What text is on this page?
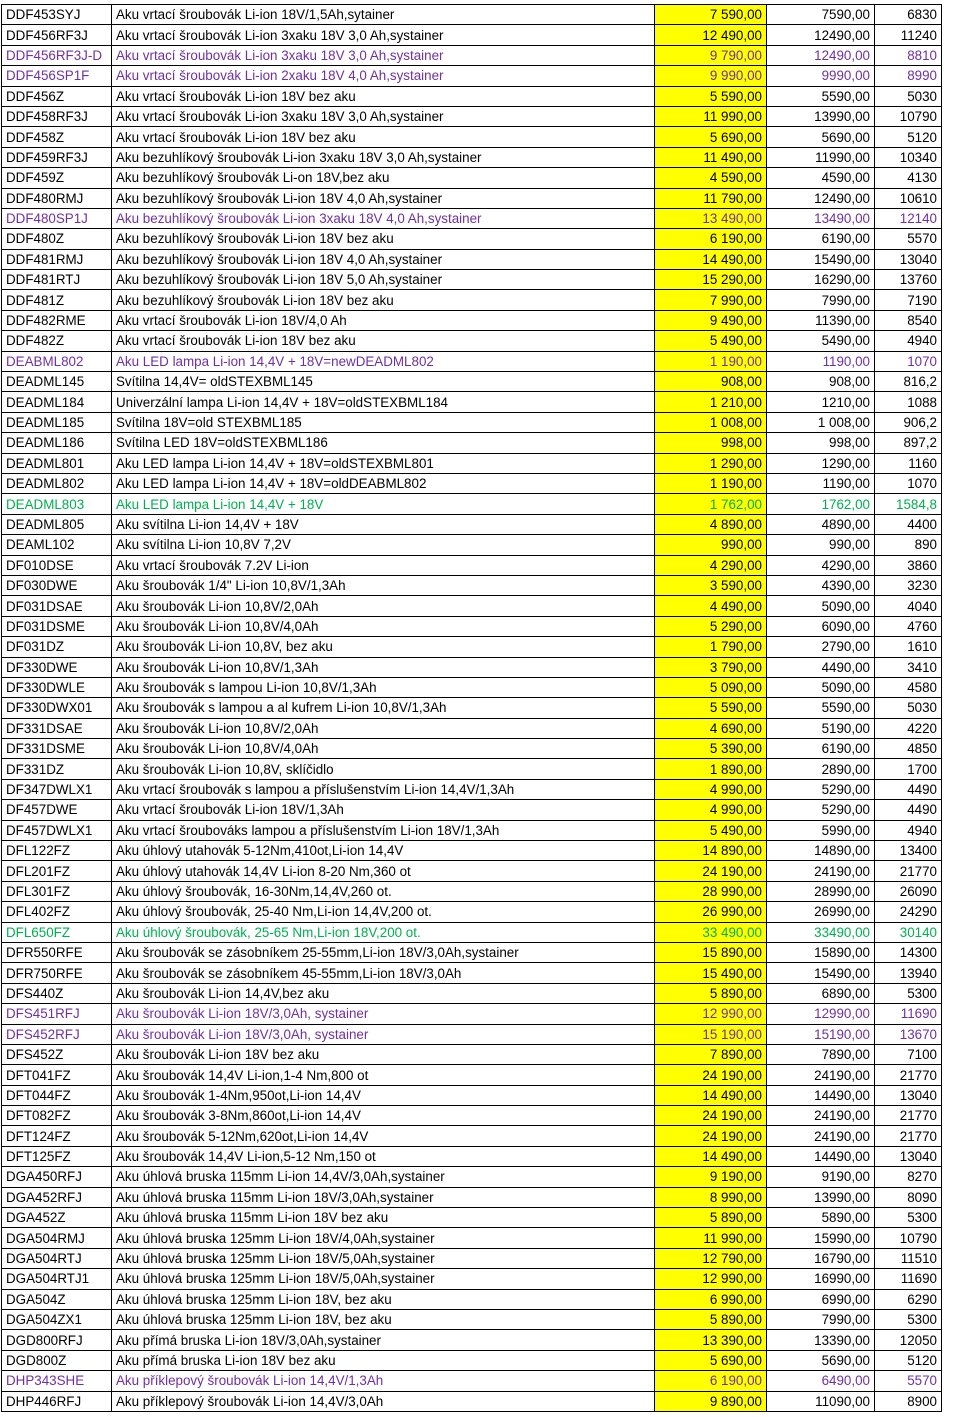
DDF453SYJ	Aku vrtací šroubovák Li-ion 18V/1,5Ah,sytainer	7 590,00	7590,00	6830
DDF456RF3J	Aku vrtací šroubovák Li-ion 3xaku 18V 3,0 Ah,systainer	12 490,00	12490,00	11240
DDF456RF3J-D	Aku vrtací šroubovák Li-ion 3xaku 18V 3,0 Ah,systainer	9 790,00	12490,00	8810
DDF456SP1F	Aku vrtací šroubovák Li-ion 2xaku 18V 4,0 Ah,systainer	9 990,00	9990,00	8990
DDF456Z	Aku vrtací šroubovák Li-ion 18V bez aku	5 590,00	5590,00	5030
DDF458RF3J	Aku vrtací šroubovák Li-ion 3xaku 18V 3,0 Ah,systainer	11 990,00	13990,00	10790
DDF458Z	Aku vrtací šroubovák Li-ion 18V bez aku	5 690,00	5690,00	5120
DDF459RF3J	Aku bezuhlíkový šroubovák Li-ion 3xaku 18V 3,0 Ah,systainer	11 490,00	11990,00	10340
DDF459Z	Aku bezuhlíkový šroubovák Li-on 18V,bez aku	4 590,00	4590,00	4130
DDF480RMJ	Aku bezuhlíkový šroubovák Li-ion 18V 4,0 Ah,systainer	11 790,00	12490,00	10610
DDF480SP1J	Aku bezuhlíkový šroubovák Li-ion 3xaku 18V 4,0 Ah,systainer	13 490,00	13490,00	12140
DDF480Z	Aku bezuhlíkový šroubovák Li-ion 18V bez aku	6 190,00	6190,00	5570
DDF481RMJ	Aku bezuhlíkový šroubovák Li-ion 18V 4,0 Ah,systainer	14 490,00	15490,00	13040
DDF481RTJ	Aku bezuhlíkový šroubovák Li-ion 18V 5,0 Ah,systainer	15 290,00	16290,00	13760
DDF481Z	Aku bezuhlíkový šroubovák Li-ion 18V bez aku	7 990,00	7990,00	7190
DDF482RME	Aku vrtací šroubovák Li-ion 18V/4,0 Ah	9 490,00	11390,00	8540
DDF482Z	Aku vrtací šroubovák Li-ion 18V bez aku	5 490,00	5490,00	4940
DEABML802	Aku LED lampa Li-ion 14,4V + 18V=newDEADML802	1 190,00	1190,00	1070
DEADML145	Svítilna 14,4V= oldSTEXBML145	908,00	908,00	816,2
DEADML184	Univerzální lampa Li-ion 14,4V + 18V=oldSTEXBML184	1 210,00	1210,00	1088
DEADML185	Svítilna 18V=old STEXBML185	1 008,00	1 008,00	906,2
DEADML186	Svítilna LED 18V=oldSTEXBML186	998,00	998,00	897,2
DEADML801	Aku LED lampa Li-ion 14,4V + 18V=oldSTEXBML801	1 290,00	1290,00	1160
DEADML802	Aku LED lampa Li-ion 14,4V + 18V=oldDEABML802	1 190,00	1190,00	1070
DEADML803	Aku LED lampa Li-ion 14,4V + 18V	1 762,00	1762,00	1584,8
DEADML805	Aku svítilna Li-ion 14,4V + 18V	4 890,00	4890,00	4400
DEAML102	Aku svítilna Li-ion 10,8V 7,2V	990,00	990,00	890
DF010DSE	Aku vrtací šroubovák 7.2V Li-ion	4 290,00	4290,00	3860
DF030DWE	Aku šroubovák 1/4" Li-ion 10,8V/1,3Ah	3 590,00	4390,00	3230
DF031DSAE	Aku šroubovák Li-ion 10,8V/2,0Ah	4 490,00	5090,00	4040
DF031DSME	Aku šroubovák Li-ion 10,8V/4,0Ah	5 290,00	6090,00	4760
DF031DZ	Aku šroubovák Li-ion 10,8V, bez aku	1 790,00	2790,00	1610
DF330DWE	Aku šroubovák Li-ion 10,8V/1,3Ah	3 790,00	4490,00	3410
DF330DWLE	Aku šroubovák s lampou Li-ion 10,8V/1,3Ah	5 090,00	5090,00	4580
DF330DWX01	Aku šroubovák s lampou a al kufrem Li-ion 10,8V/1,3Ah	5 590,00	5590,00	5030
DF331DSAE	Aku šroubovák Li-ion 10,8V/2,0Ah	4 690,00	5190,00	4220
DF331DSME	Aku šroubovák Li-ion 10,8V/4,0Ah	5 390,00	6190,00	4850
DF331DZ	Aku šroubovák Li-ion 10,8V, sklíčidlo	1 890,00	2890,00	1700
DF347DWLX1	Aku vrtací šroubovák s lampou a příslušenstvím Li-ion 14,4V/1,3Ah	4 990,00	5290,00	4490
DF457DWE	Aku vrtací šroubovák Li-ion 18V/1,3Ah	4 990,00	5290,00	4490
DF457DWLX1	Aku vrtací šroubováks lampou a příslušenstvím Li-ion 18V/1,3Ah	5 490,00	5990,00	4940
DFL122FZ	Aku úhlový utahovák 5-12Nm,410ot,Li-ion 14,4V	14 890,00	14890,00	13400
DFL201FZ	Aku úhlový utahovák 14,4V Li-ion 8-20 Nm,360 ot	24 190,00	24190,00	21770
DFL301FZ	Aku úhlový šroubovák, 16-30Nm,14,4V,260 ot.	28 990,00	28990,00	26090
DFL402FZ	Aku úhlový šroubovák, 25-40 Nm,Li-ion 14,4V,200 ot.	26 990,00	26990,00	24290
DFL650FZ	Aku úhlový šroubovák, 25-65 Nm,Li-ion 18V,200 ot.	33 490,00	33490,00	30140
DFR550RFE	Aku šroubovák se zásobníkem 25-55mm,Li-ion 18V/3,0Ah,systainer	15 890,00	15890,00	14300
DFR750RFE	Aku šroubovák se zásobníkem 45-55mm,Li-ion 18V/3,0Ah	15 490,00	15490,00	13940
DFS440Z	Aku šroubovák Li-ion 14,4V,bez aku	5 890,00	6890,00	5300
DFS451RFJ	Aku šroubovák Li-ion 18V/3,0Ah, systainer	12 990,00	12990,00	11690
DFS452RFJ	Aku šroubovák Li-ion 18V/3,0Ah, systainer	15 190,00	15190,00	13670
DFS452Z	Aku šroubovák Li-ion 18V bez aku	7 890,00	7890,00	7100
DFT041FZ	Aku šroubovák 14,4V Li-ion,1-4 Nm,800 ot	24 190,00	24190,00	21770
DFT044FZ	Aku šroubovák 1-4Nm,950ot,Li-ion 14,4V	14 490,00	14490,00	13040
DFT082FZ	Aku šroubovák 3-8Nm,860ot,Li-ion 14,4V	24 190,00	24190,00	21770
DFT124FZ	Aku šroubovák 5-12Nm,620ot,Li-ion 14,4V	24 190,00	24190,00	21770
DFT125FZ	Aku šroubovák 14,4V Li-ion,5-12 Nm,150 ot	14 490,00	14490,00	13040
DGA450RFJ	Aku úhlová bruska 115mm Li-ion 14,4V/3,0Ah,systainer	9 190,00	9190,00	8270
DGA452RFJ	Aku úhlová bruska 115mm Li-ion 18V/3,0Ah,systainer	8 990,00	13990,00	8090
DGA452Z	Aku úhlová bruska 115mm Li-ion 18V bez aku	5 890,00	5890,00	5300
DGA504RMJ	Aku úhlová bruska 125mm Li-ion 18V/4,0Ah,systainer	11 990,00	15990,00	10790
DGA504RTJ	Aku úhlová bruska 125mm Li-ion 18V/5,0Ah,systainer	12 790,00	16790,00	11510
DGA504RTJ1	Aku úhlová bruska 125mm Li-ion 18V/5,0Ah,systainer	12 990,00	16990,00	11690
DGA504Z	Aku úhlová bruska 125mm Li-ion 18V, bez aku	6 990,00	6990,00	6290
DGA504ZX1	Aku úhlová bruska 125mm Li-ion 18V, bez aku	5 890,00	7990,00	5300
DGD800RFJ	Aku přímá bruska Li-ion 18V/3,0Ah,systainer	13 390,00	13390,00	12050
DGD800Z	Aku přímá bruska Li-ion 18V bez aku	5 690,00	5690,00	5120
DHP343SHE	Aku příklepový šroubovák Li-ion 14,4V/1,3Ah	6 190,00	6490,00	5570
DHP446RFJ	Aku příklepový šroubovák Li-ion 14,4V/3,0Ah	9 890,00	11090,00	8900
